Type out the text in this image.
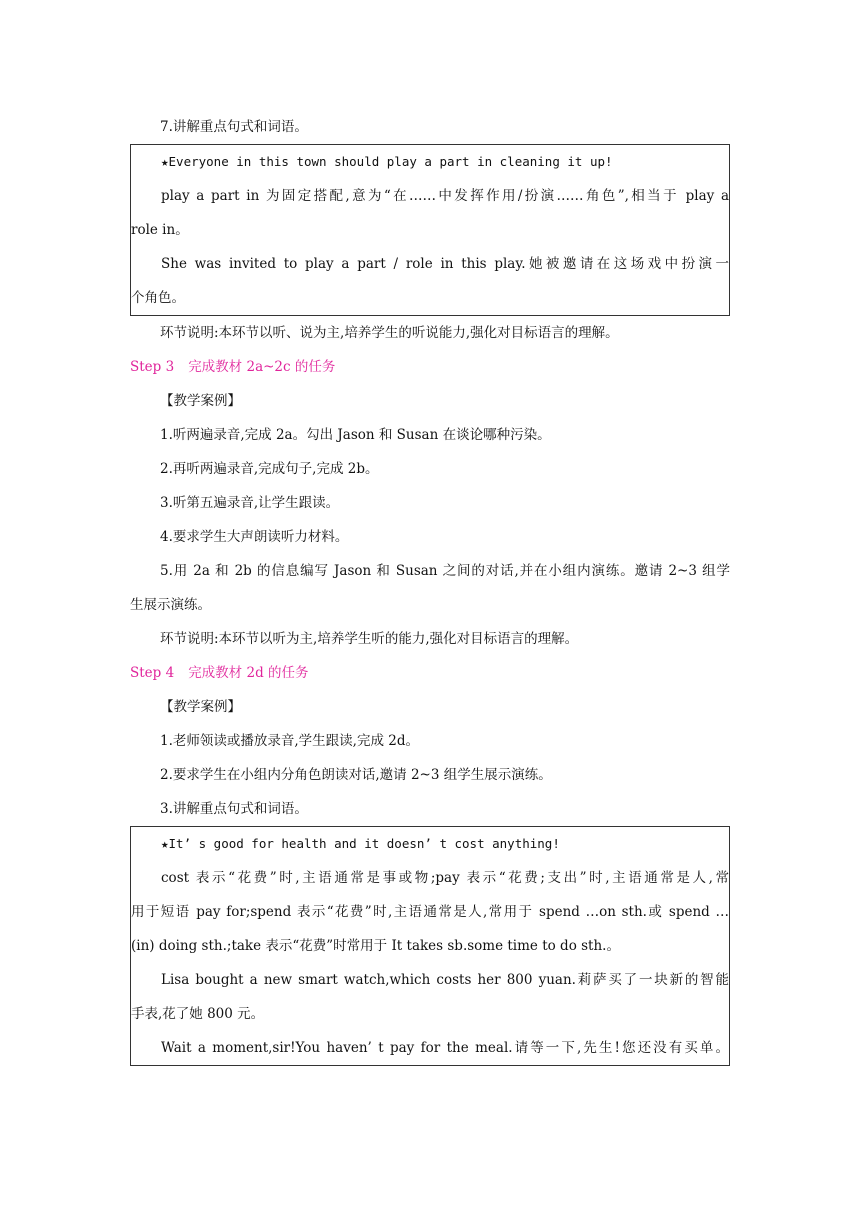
7.讲解重点句式和词语。
★Everyone in this town should play a part in cleaning it up!
play a part in 为固定搭配,意为“在……中发挥作用/扮演……角色”,相当于 play a
role in。
She was invited to play a part / role in this play.她被邀请在这场戏中扮演一
个角色。
环节说明:本环节以听、说为主,培养学生的听说能力,强化对目标语言的理解。
Step 3 完成教材 2a~2c 的任务
【教学案例】
1.听两遍录音,完成 2a。勾出 Jason 和 Susan 在谈论哪种污染。
2.再听两遍录音,完成句子,完成 2b。
3.听第五遍录音,让学生跟读。
4.要求学生大声朗读听力材料。
5.用 2a 和 2b 的信息编写 Jason 和 Susan 之间的对话,并在小组内演练。邀请 2~3 组学
生展示演练。
环节说明:本环节以听为主,培养学生听的能力,强化对目标语言的理解。
Step 4 完成教材 2d 的任务
【教学案例】
1.老师领读或播放录音,学生跟读,完成 2d。
2.要求学生在小组内分角色朗读对话,邀请 2~3 组学生展示演练。
3.讲解重点句式和词语。
★It’ s good for health and it doesn’ t cost anything!
cost 表示“花费”时,主语通常是事或物;pay 表示“花费;支出”时,主语通常是人,常
用于短语 pay for;spend 表示“花费”时,主语通常是人,常用于 spend …on sth.或 spend …
(in) doing sth.;take 表示“花费”时常用于 It takes sb.some time to do sth.。
Lisa bought a new smart watch,which costs her 800 yuan.莉萨买了一块新的智能
手表,花了她 800 元。
Wait a moment,sir!You haven’ t pay for the meal.请等一下,先生!您还没有买单。
